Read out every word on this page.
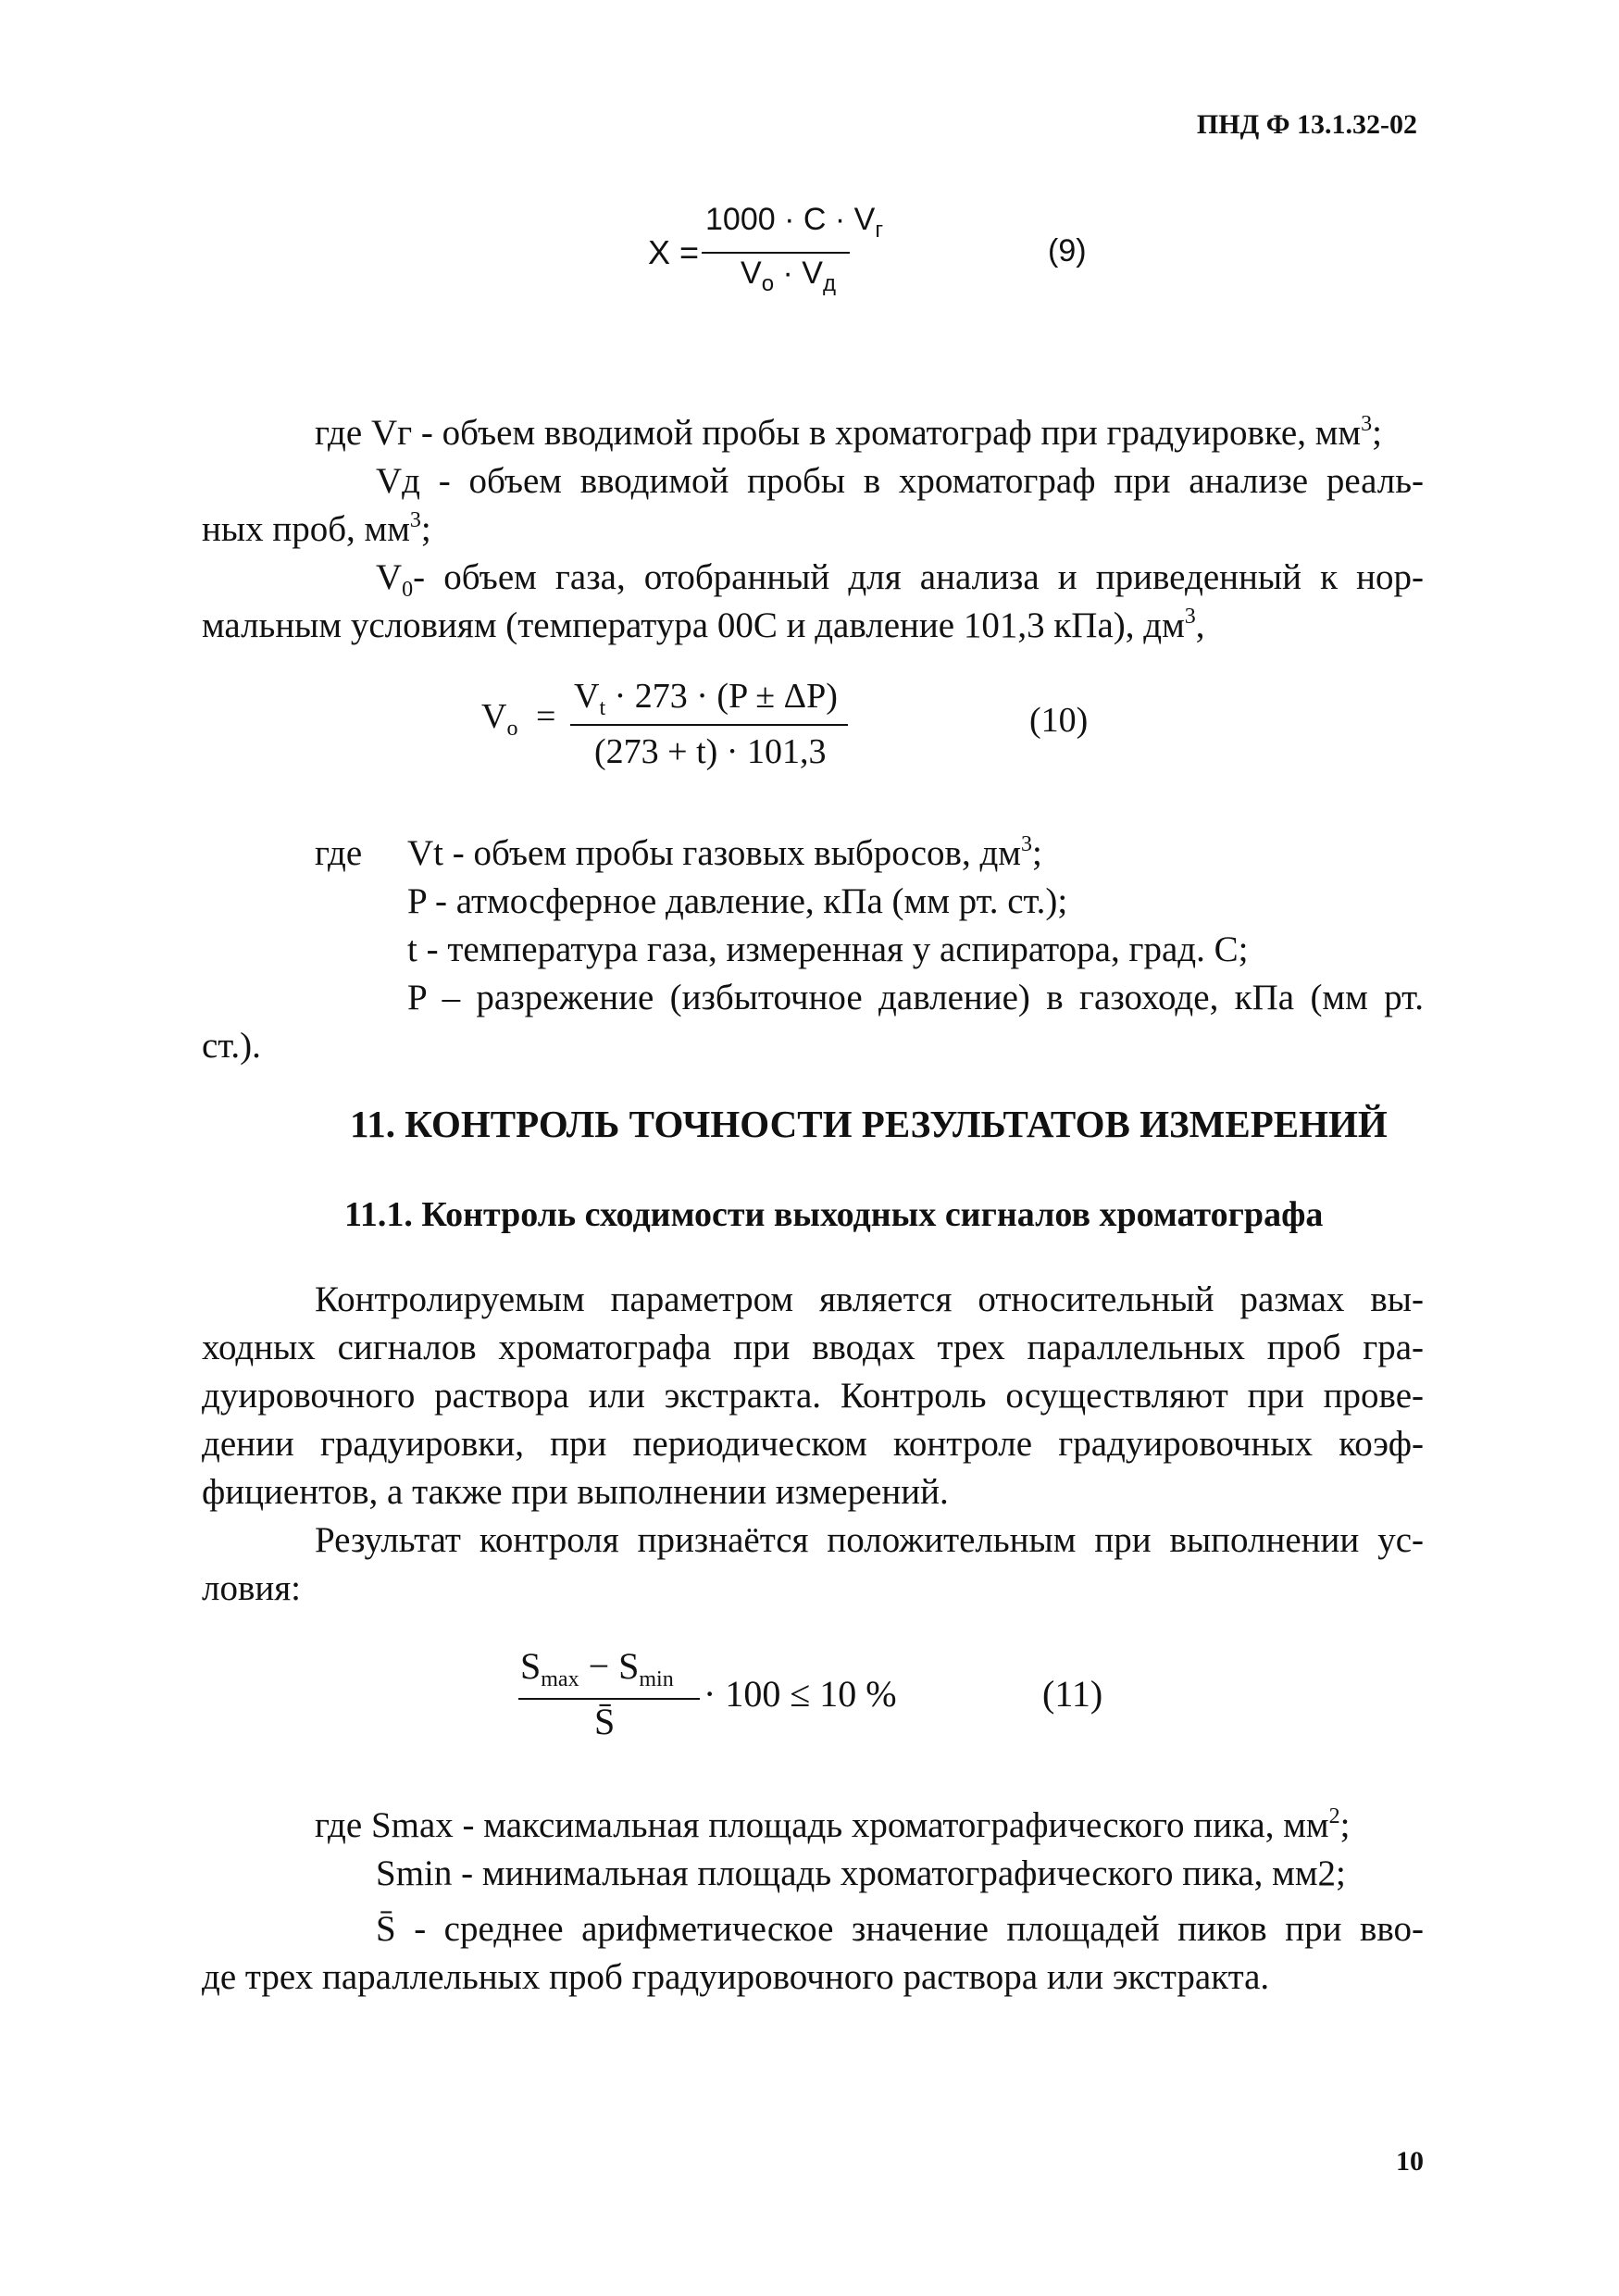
ПНД Ф 13.1.32-02
X =
$1000 \cdot C \cdot V_г$
$V_о \cdot V_д$
(9)
где Vг - объем вводимой пробы в хроматограф при градуировке, $мм^3$;
Vд - объем вводимой пробы в хроматограф при анализе реаль-
ных проб, $мм^3$;
$V_0-$ объем газа, отобранный для анализа и приведенный к нор-
мальным условиям (температура 00С и давление 101,3 кПа), $дм^3$,
$V_о$ =
$V_t \cdot 273 \cdot (P \pm \Delta P)$
(273 + t) · 101,3
(10)
где Vt - объем пробы газовых выбросов, $дм^3$;
P - атмосферное давление, кПа (мм рт. ст.);
t - температура газа, измеренная у аспиратора, град. С;
P – разрежение (избыточное давление) в газоходе, кПа (мм рт.
ст.).
11. КОНТРОЛЬ ТОЧНОСТИ РЕЗУЛЬТАТОВ ИЗМЕРЕНИЙ
11.1. Контроль сходимости выходных сигналов хроматографа
Контролируемым параметром является относительный размах вы-
ходных сигналов хроматографа при вводах трех параллельных проб гра-
дуировочного раствора или экстракта. Контроль осуществляют при прове-
дении градуировки, при периодическом контроле градуировочных коэф-
фициентов, а также при выполнении измерений.
Результат контроля признаётся положительным при выполнении ус-
ловия:
$S_{max} - S_{min}$
S̄
· 100 ≤ 10 %	(11)
где Smax - максимальная площадь хроматографического пика, $мм^2$;
Smin - минимальная площадь хроматографического пика, мм2;
S̄ - среднее арифметическое значение площадей пиков при вво-
де трех параллельных проб градуировочного раствора или экстракта.
10
